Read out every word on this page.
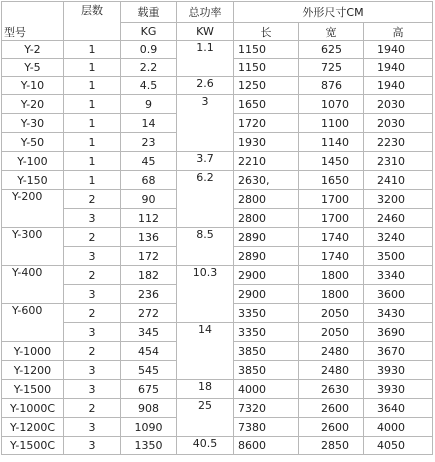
型号	层数	载重	总功率	外形尺寸CM		
		KG	KW	长	宽	高
Y-2	1	0.9	1.1	1150	625	1940
Y-5	1	2.2		1150	725	1940
Y-10	1	4.5	2.6	1250	876	1940
Y-20	1	9	3	1650	1070	2030
Y-30	1	14		1720	1100	2030
Y-50	1	23		1930	1140	2230
Y-100	1	45	3.7	2210	1450	2310
Y-150	1	68	6.2	2630,	1650	2410
Y-200	2	90		2800	1700	3200
	3	112		2800	1700	2460
Y-300	2	136	8.5	2890	1740	3240
	3	172		2890	1740	3500
Y-400	2	182	10.3	2900	1800	3340
	3	236		2900	1800	3600
Y-600	2	272		3350	2050	3430
	3	345	14	3350	2050	3690
Y-1000	2	454		3850	2480	3670
Y-1200	3	545		3850	2480	3930
Y-1500	3	675	18	4000	2630	3930
Y-1000C	2	908	25	7320	2600	3640
Y-1200C	3	1090		7380	2600	4000
Y-1500C	3	1350	40.5	8600	2850	4050
